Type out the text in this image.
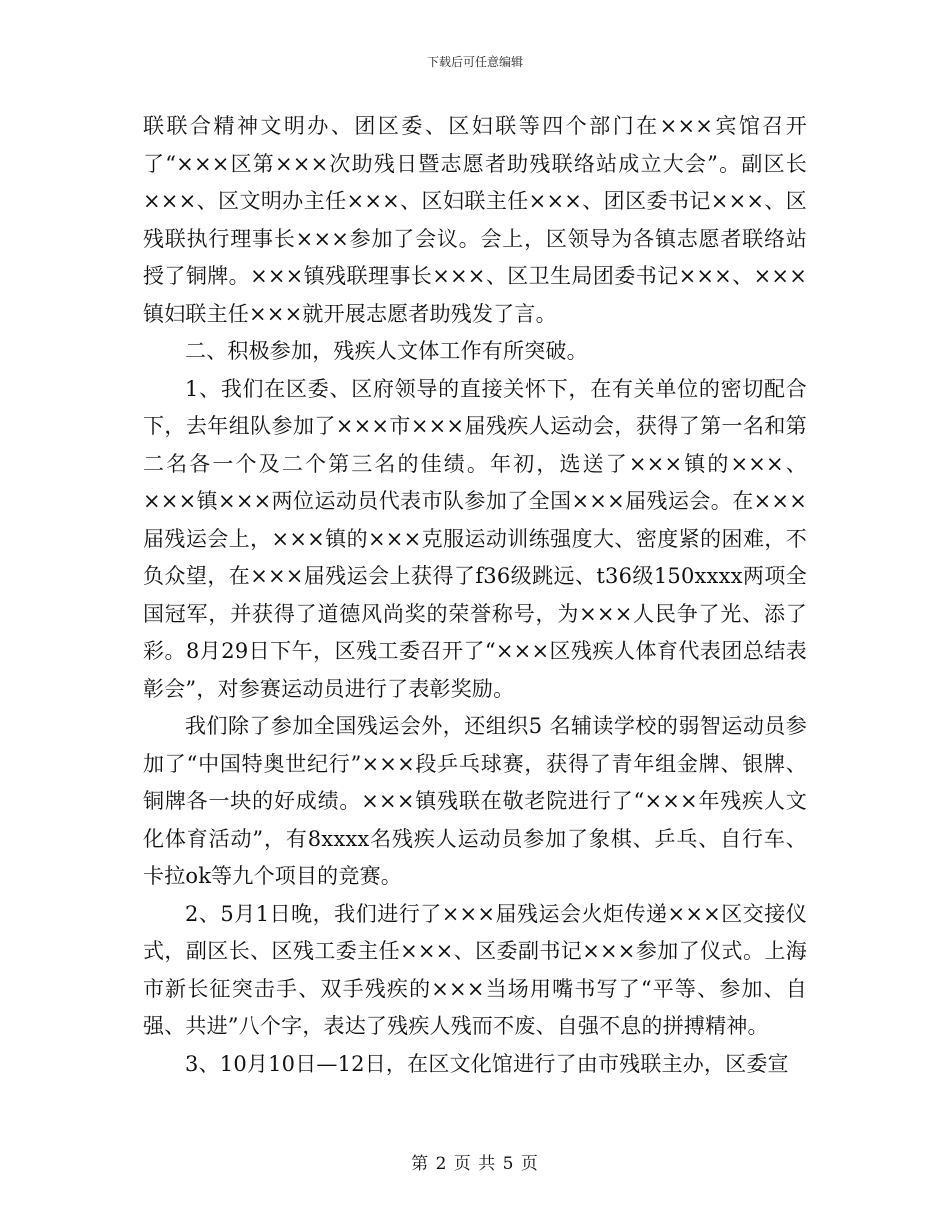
下载后可任意编辑

联联合精神文明办、团区委、区妇联等四个部门在×××宾馆召开了“×××区第×××次助残日暨志愿者助残联络站成立大会”。副区长×××、区文明办主任×××、区妇联主任×××、团区委书记×××、区残联执行理事长×××参加了会议。会上，区领导为各镇志愿者联络站授了铜牌。×××镇残联理事长×××、区卫生局团委书记×××、×××镇妇联主任×××就开展志愿者助残发了言。

二、积极参加，残疾人文体工作有所突破。

1、我们在区委、区府领导的直接关怀下，在有关单位的密切配合下，去年组队参加了×××市×××届残疾人运动会，获得了第一名和第二名各一个及二个第三名的佳绩。年初，选送了×××镇的×××、×××镇×××两位运动员代表市队参加了全国×××届残运会。在×××届残运会上，×××镇的×××克服运动训练强度大、密度紧的困难，不负众望，在×××届残运会上获得了f36级跳远、t36级150xxxx两项全国冠军，并获得了道德风尚奖的荣誉称号，为×××人民争了光、添了彩。8月29日下午，区残工委召开了“×××区残疾人体育代表团总结表彰会”，对参赛运动员进行了表彰奖励。

我们除了参加全国残运会外，还组织5 名辅读学校的弱智运动员参加了“中国特奥世纪行”×××段乒乓球赛，获得了青年组金牌、银牌、铜牌各一块的好成绩。×××镇残联在敬老院进行了“×××年残疾人文化体育活动”，有8xxxx名残疾人运动员参加了象棋、乒乓、自行车、卡拉ok等九个项目的竞赛。

2、5月1日晚，我们进行了×××届残运会火炬传递×××区交接仪式，副区长、区残工委主任×××、区委副书记×××参加了仪式。上海市新长征突击手、双手残疾的×××当场用嘴书写了“平等、参加、自强、共进”八个字，表达了残疾人残而不废、自强不息的拼搏精神。

3、10月10日—12日，在区文化馆进行了由市残联主办，区委宣

第 2 页 共 5 页
